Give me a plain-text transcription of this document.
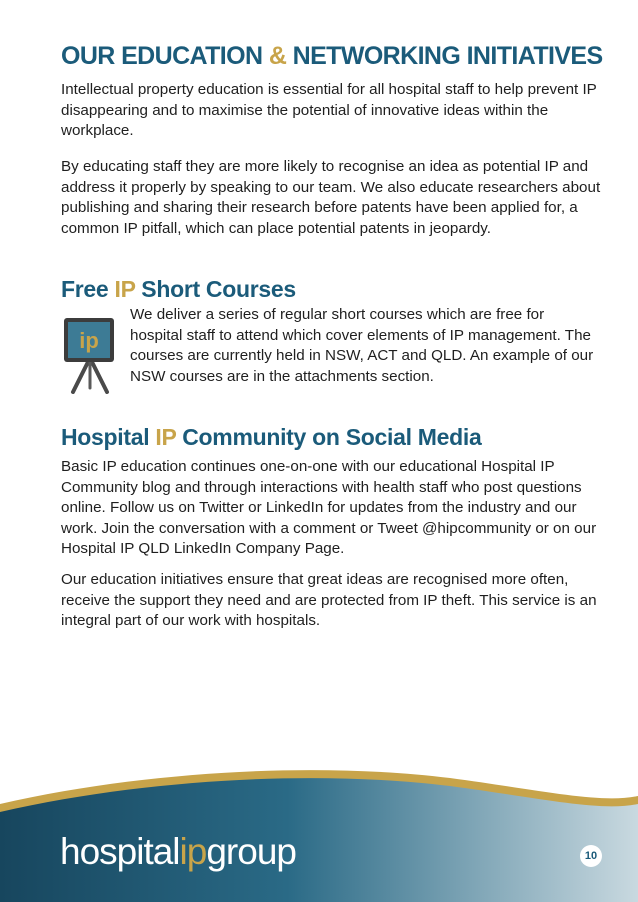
OUR EDUCATION & NETWORKING INITIATIVES

Intellectual property education is essential for all hospital staff to help prevent IP disappearing and to maximise the potential of innovative ideas within the workplace.

By educating staff they are more likely to recognise an idea as potential IP and address it properly by speaking to our team. We also educate researchers about publishing and sharing their research before patents have been applied for, a common IP pitfall, which can place potential patents in jeopardy.

Free IP Short Courses
ip

We deliver a series of regular short courses which are free for hospital staff to attend which cover elements of IP management. The courses are currently held in NSW, ACT and QLD. An example of our NSW courses are in the attachments section.

Hospital IP Community on Social Media

Basic IP education continues one-on-one with our educational Hospital IP Community blog and through interactions with health staff who post questions online. Follow us on Twitter or LinkedIn for updates from the industry and our work. Join the conversation with a comment or Tweet @hipcommunity or on our Hospital IP QLD LinkedIn Company Page.

Our education initiatives ensure that great ideas are recognised more often, receive the support they need and are protected from IP theft. This service is an integral part of our work with hospitals.

hospitalipgroup	10
